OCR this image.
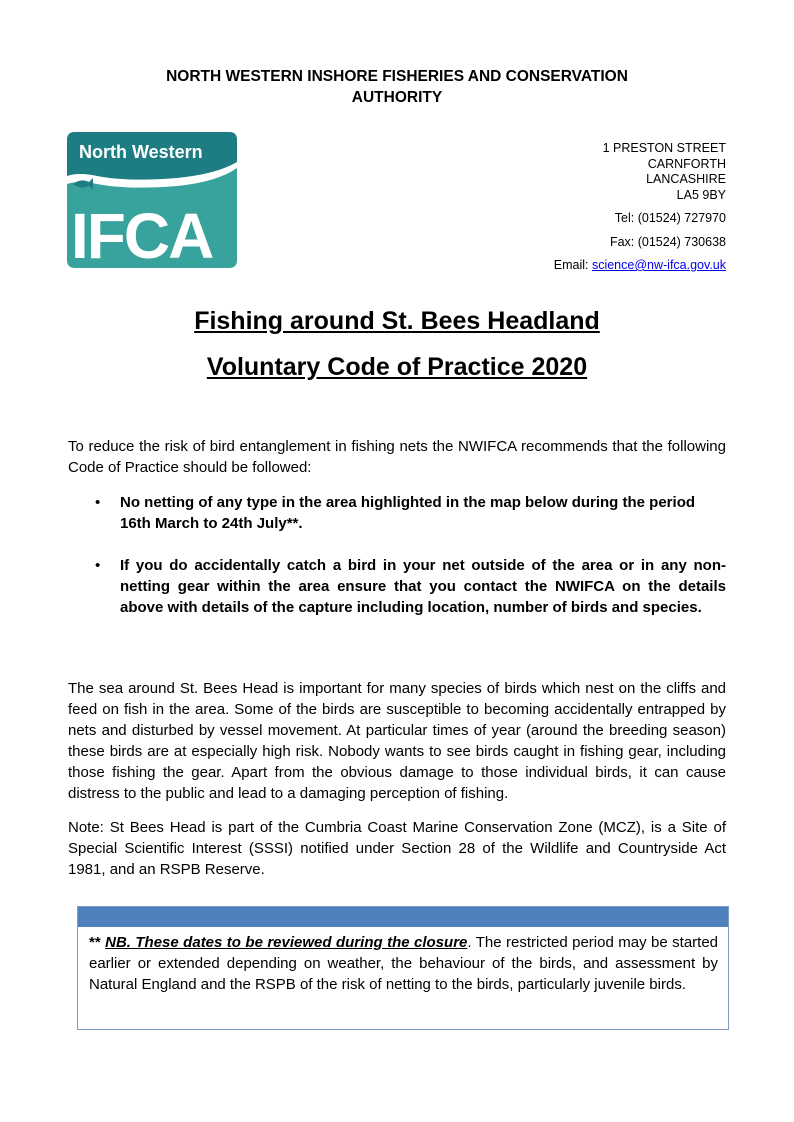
NORTH WESTERN INSHORE FISHERIES AND CONSERVATION
AUTHORITY
North Western
IFCA
1 PRESTON STREET
CARNFORTH
LANCASHIRE
LA5 9BY
Tel: (01524) 727970
Fax: (01524) 730638
Email: science@nw-ifca.gov.uk
Fishing around St. Bees Headland
Voluntary Code of Practice 2020
To reduce the risk of bird entanglement in fishing nets the NWIFCA recommends that the following Code of Practice should be followed:
• No netting of any type in the area highlighted in the map below during the period 16th March to 24th July**.
• If you do accidentally catch a bird in your net outside of the area or in any non-netting gear within the area ensure that you contact the NWIFCA on the details above with details of the capture including location, number of birds and species.
The sea around St. Bees Head is important for many species of birds which nest on the cliffs and feed on fish in the area. Some of the birds are susceptible to becoming accidentally entrapped by nets and disturbed by vessel movement. At particular times of year (around the breeding season) these birds are at especially high risk. Nobody wants to see birds caught in fishing gear, including those fishing the gear. Apart from the obvious damage to those individual birds, it can cause distress to the public and lead to a damaging perception of fishing.
Note: St Bees Head is part of the Cumbria Coast Marine Conservation Zone (MCZ), is a Site of Special Scientific Interest (SSSI) notified under Section 28 of the Wildlife and Countryside Act 1981, and an RSPB Reserve.
** NB. These dates to be reviewed during the closure. The restricted period may be started earlier or extended depending on weather, the behaviour of the birds, and assessment by Natural England and the RSPB of the risk of netting to the birds, particularly juvenile birds.
